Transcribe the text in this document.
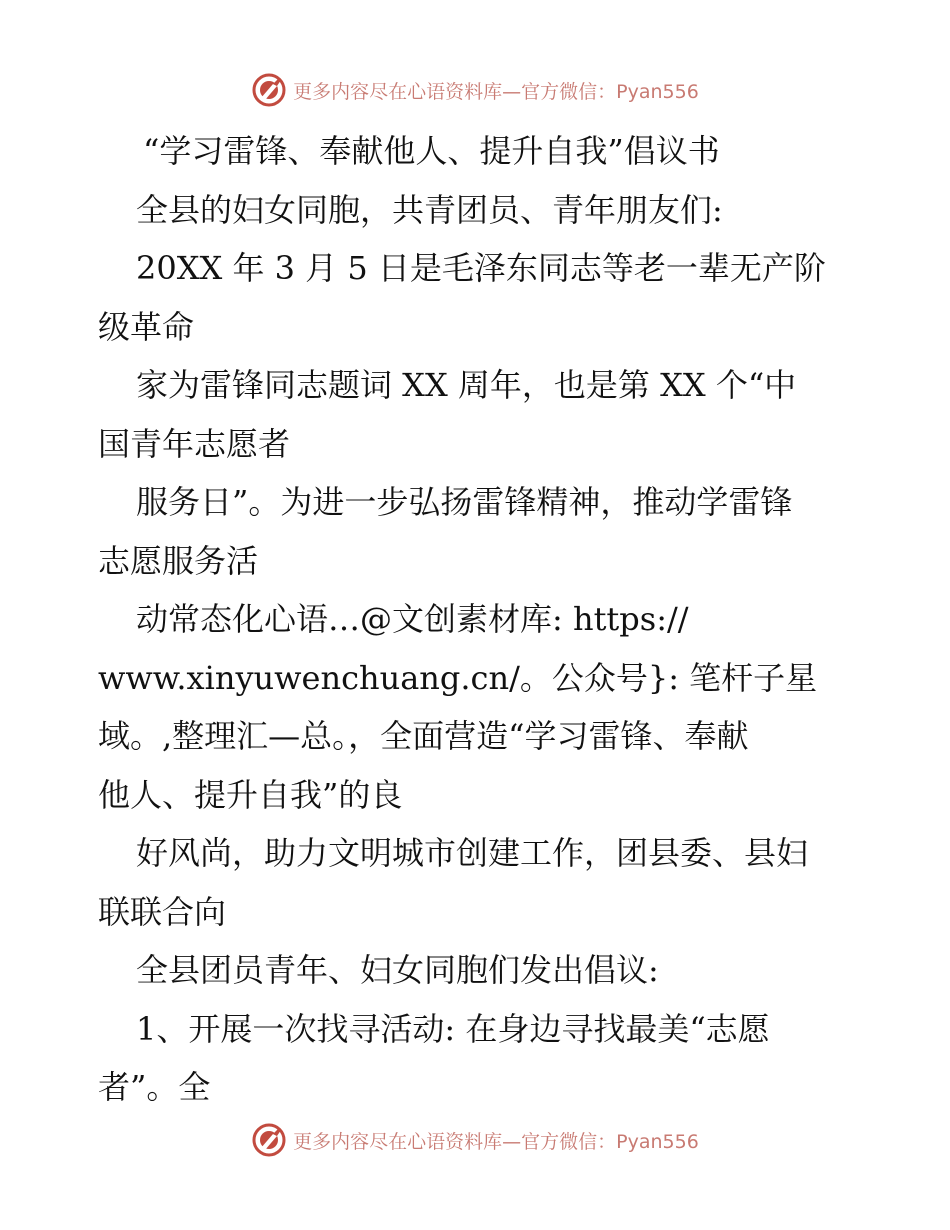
更多内容尽在心语资料库—官方微信：Pyan556
“学习雷锋、奉献他人、提升自我”倡议书
全县的妇女同胞，共青团员、青年朋友们:
20XX 年 3 月 5 日是毛泽东同志等老一辈无产阶
级革命
家为雷锋同志题词 XX 周年，也是第 XX 个“中
国青年志愿者
服务日”。为进一步弘扬雷锋精神，推动学雷锋
志愿服务活
动常态化心语…@文创素材库: https://
www.xinyuwenchuang.cn/。公众号}: 笔杆子星
域。,整理汇—总。，全面营造“学习雷锋、奉献
他人、提升自我”的良
好风尚，助力文明城市创建工作，团县委、县妇
联联合向
全县团员青年、妇女同胞们发出倡议:
1、开展一次找寻活动: 在身边寻找最美“志愿
者”。全
更多内容尽在心语资料库—官方微信：Pyan556
